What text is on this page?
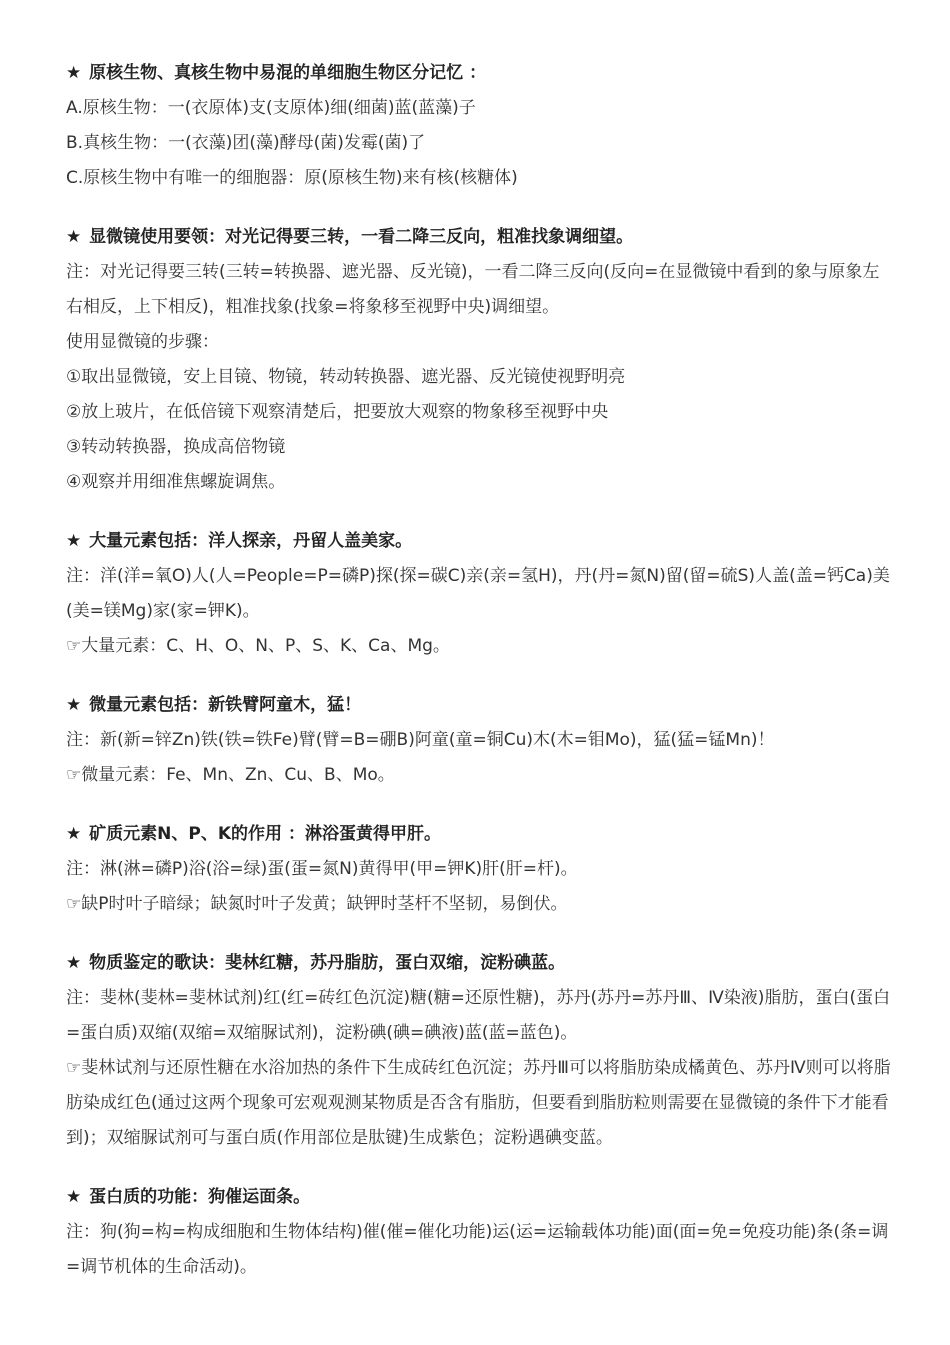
★ 原核生物、真核生物中易混的单细胞生物区分记忆 ：
A.原核生物：一(衣原体)支(支原体)细(细菌)蓝(蓝藻)子
B.真核生物：一(衣藻)团(藻)酵母(菌)发霉(菌)了
C.原核生物中有唯一的细胞器：原(原核生物)来有核(核糖体)
★ 显微镜使用要领：对光记得要三转，一看二降三反向，粗准找象调细望。
注：对光记得要三转(三转=转换器、遮光器、反光镜)，一看二降三反向(反向=在显微镜中看到的象与原象左右相反，上下相反)，粗准找象(找象=将象移至视野中央)调细望。
使用显微镜的步骤：
①取出显微镜，安上目镜、物镜，转动转换器、遮光器、反光镜使视野明亮
②放上玻片，在低倍镜下观察清楚后，把要放大观察的物象移至视野中央
③转动转换器，换成高倍物镜
④观察并用细准焦螺旋调焦。
★ 大量元素包括：洋人探亲，丹留人盖美家。
注：洋(洋=氧O)人(人=People=P=磷P)探(探=碳C)亲(亲=氢H)，丹(丹=氮N)留(留=硫S)人盖(盖=钙Ca)美(美=镁Mg)家(家=钾K)。
☞大量元素：C、H、O、N、P、S、K、Ca、Mg。
★ 微量元素包括：新铁臂阿童木，猛！
注：新(新=锌Zn)铁(铁=铁Fe)臂(臂=B=硼B)阿童(童=铜Cu)木(木=钼Mo)，猛(猛=锰Mn)！
☞微量元素：Fe、Mn、Zn、Cu、B、Mo。
★ 矿质元素N、P、K的作用 ：淋浴蛋黄得甲肝。
注：淋(淋=磷P)浴(浴=绿)蛋(蛋=氮N)黄得甲(甲=钾K)肝(肝=杆)。
☞缺P时叶子暗绿；缺氮时叶子发黄；缺钾时茎杆不坚韧，易倒伏。
★ 物质鉴定的歌诀：斐林红糖，苏丹脂肪，蛋白双缩，淀粉碘蓝。
注：斐林(斐林=斐林试剂)红(红=砖红色沉淀)糖(糖=还原性糖)，苏丹(苏丹=苏丹Ⅲ、Ⅳ染液)脂肪，蛋白(蛋白=蛋白质)双缩(双缩=双缩脲试剂)，淀粉碘(碘=碘液)蓝(蓝=蓝色)。
☞斐林试剂与还原性糖在水浴加热的条件下生成砖红色沉淀；苏丹Ⅲ可以将脂肪染成橘黄色、苏丹Ⅳ则可以将脂肪染成红色(通过这两个现象可宏观观测某物质是否含有脂肪，但要看到脂肪粒则需要在显微镜的条件下才能看到)；双缩脲试剂可与蛋白质(作用部位是肽键)生成紫色；淀粉遇碘变蓝。
★ 蛋白质的功能：狗催运面条。
注：狗(狗=构=构成细胞和生物体结构)催(催=催化功能)运(运=运输载体功能)面(面=免=免疫功能)条(条=调=调节机体的生命活动)。
